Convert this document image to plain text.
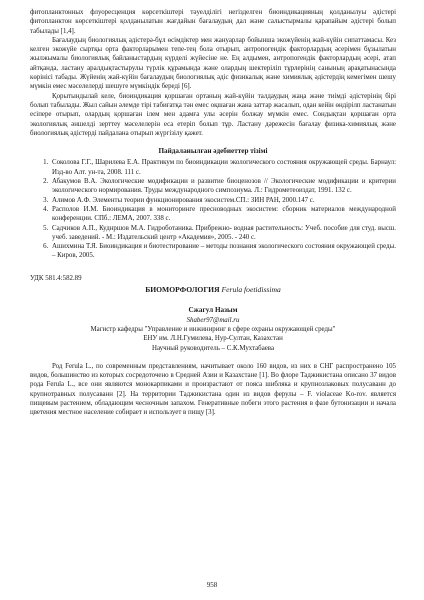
фитопланктонных флуоресценция көрсеткіштері тәуелділігі негізделген биоиндикацияның қолданылуы әдістері фитопланктон көрсеткіштері қолданылатын жағдайын бағалаудың дал және салыстырмалы қарапайым әдістері болып табылады [1,4].

Бағалаудың биологиялық әдістерә-бұл өсімдіктер мен жануарлар бойынша экожүйенің жай-күйін сипаттамасы. Кез келген экожүйе сыртқы орта факторларымен тепе-тең бола отырып, антропогендік факторлардың әсерімен бұзылатын жылжымалы биологиялық байланыстардың күрделі жүйесіне не. Ең алдымен, антропогендік факторлардың әсері, атап айтқанда, ластану аралдықтастырулы түрлік құрамында және олардың шектеріліп тұрлерінің санының арақатынасында көрінісі табады. Жүйенің жай-күйін бағалаудың биологиялық әдіс физикалық және химиялық әдістердің кемегімен шешу мүмкін емес мәселелерді шешуге мүмкіндік береді [6].

Қорытындылай келе, биоиндикация қоршаған ортаның жай-күйін талдаудың жаңа және тиімді әдістерінің бірі болып табылады. Жыл сайын әлемде тірі табиғатқа тән емес оқшаған жана заттар жасалып, одан кейін өндірілп ластанатын есіпере отырып, олардың қоршаған ілем мен адамға улы әсерін болжау мүмкін емес. Сондықтан қоршаған орта экологиялық әншелді зерттеу мәселелерін еса етеріп болып тұр. Ластану дәрежесін бағалау физика-химиялық және биологиялық әдістерді пайдалана отырып жүргізілу қажет.

Пайдаланылған әдебиеттер тізімі
1. Соколова Г.Г., Шарилева Е.А. Практикум по биоиндикации экологического состояния окружающей среды. Барнаул: Изд-во Алт. ун-та, 2008. 111 с.
2. Абакумов В.А. Экологические модификации и развитие биоценозов // Экологические модификации и критерии экологического нормирования. Труды международного симпозиума. Л.: Гидрометеоиздат, 1991. 132 с.
3. Алимов А.Ф. Элементы теории функционирования экосистем.СП.: ЗИН РАН, 2000.147 с.
4. Располов И.М. Биоиндикация в мониторинге пресноводных экосистем: сборник материалов международной конференции. СПб.: ЛЕМА, 2007. 338 с.
5. Садчиков А.П., Куднршов М.А. Гидроботаника. Прибрежно- водная растительность: Учеб. пособие для студ. высш. учеб. заведений. - М.: Издательский центр «Академия», 2005. - 240 с.
6. Ашихмина Т.Я. Биоиндикация и биотестирование – методы познания экологического состояния окружающей среды. – Киров, 2005.
УДК 581.4:582.89
БИОМОРФОЛОГИЯ Ferula foetidissima
Сжагул Назым
Shaber97@mail.ru
Магистр кафедры "Управление и инжиниринг в сфере охраны окружающей среды"
ЕНУ им. Л.Н.Гумилева, Нур-Султан, Казахстан
Научный руководитель – С.К.Мухтабаева

Род Ferula L., по современным представлениям, начитывает около 160 видов, из них в СНГ распространено 105 видов, большинство из которых сосредоточено в Средней Азии и Казахстане [1]. Во флоре Таджикистана описано 37 видов рода Ferula L., все они являются монокарпиками и произрастают от пояса шибляка и крупнозлаковых полусаванн до крупнотравных полусаванн [2]. На территории Таджикистана один из видов ферулы – F. violaceae Ko-rov. является пищевым растением, обладающим чесночным запахом. Генеративные побеги этого растения в фазе бутонизации и начала цветения местное население собирает и использует в пищу [3].

958
